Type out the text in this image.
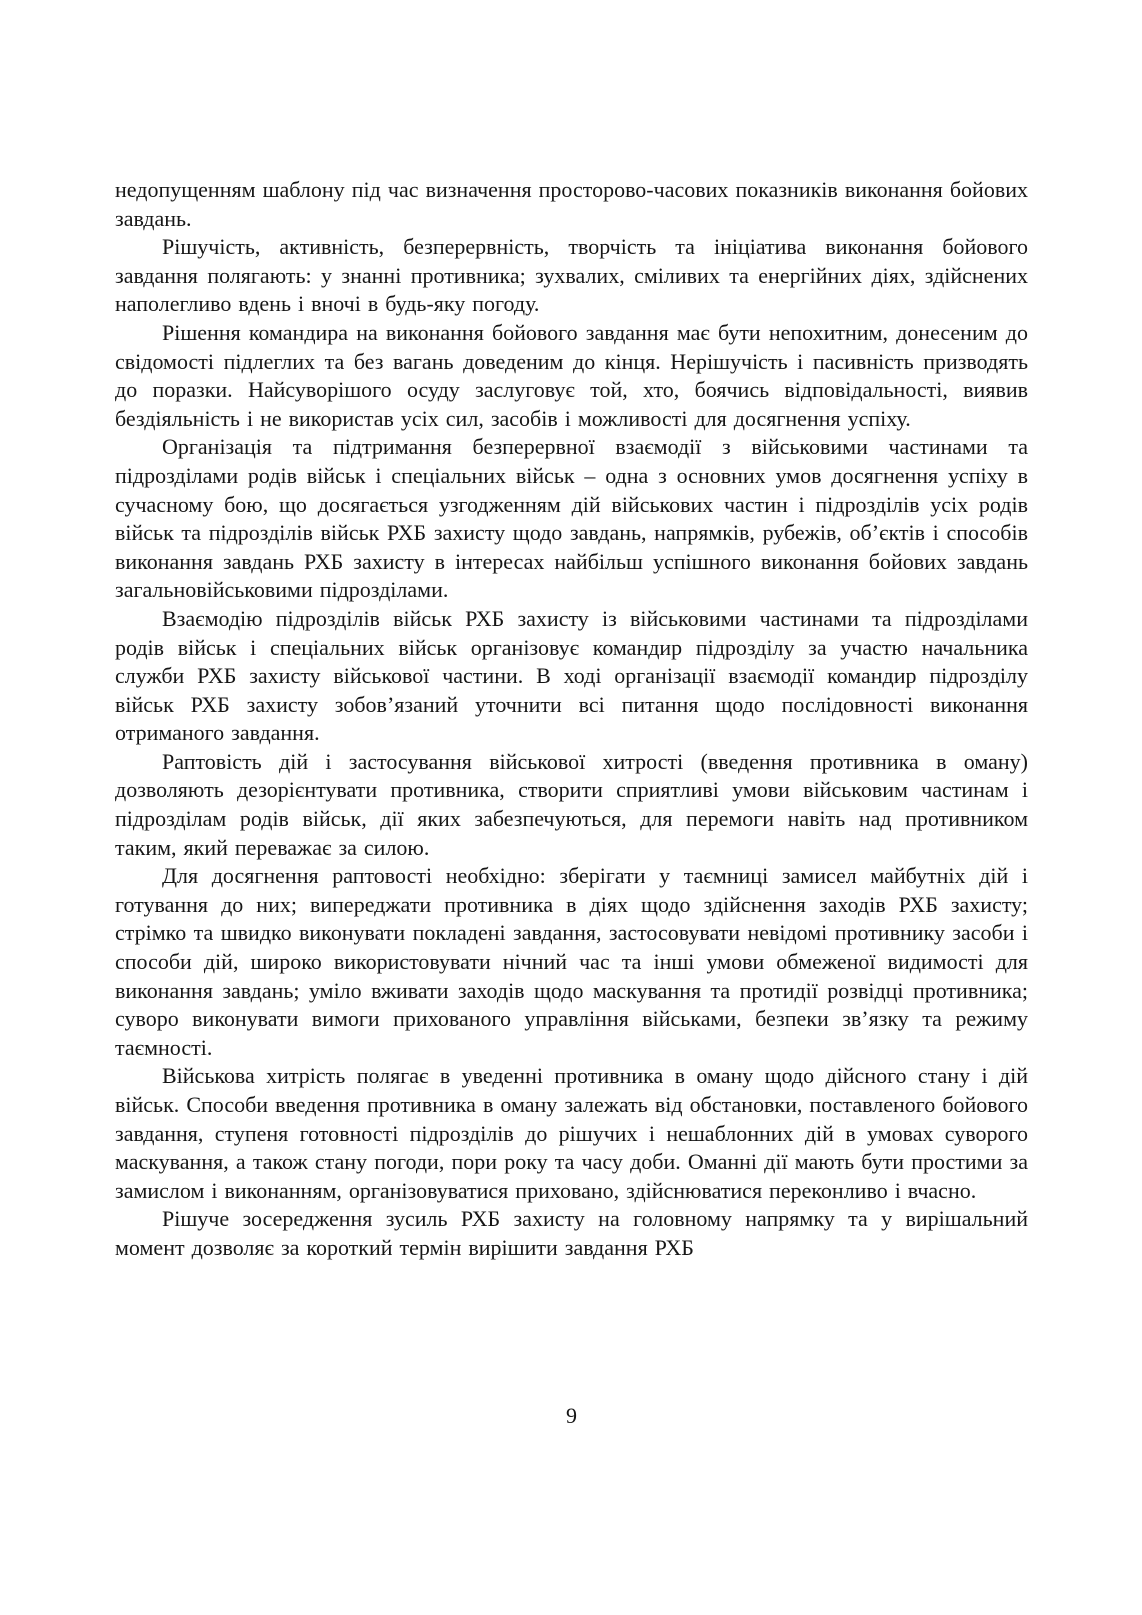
недопущенням шаблону під час визначення просторово-часових показників виконання бойових завдань.

Рішучість, активність, безперервність, творчість та ініціатива виконання бойового завдання полягають: у знанні противника; зухвалих, сміливих та енергійних діях, здійснених наполегливо вдень і вночі в будь-яку погоду.

Рішення командира на виконання бойового завдання має бути непохитним, донесеним до свідомості підлеглих та без вагань доведеним до кінця. Нерішучість і пасивність призводять до поразки. Найсуворішого осуду заслуговує той, хто, боячись відповідальності, виявив бездіяльність і не використав усіх сил, засобів і можливості для досягнення успіху.

Організація та підтримання безперервної взаємодії з військовими частинами та підрозділами родів військ і спеціальних військ – одна з основних умов досягнення успіху в сучасному бою, що досягається узгодженням дій військових частин і підрозділів усіх родів військ та підрозділів військ РХБ захисту щодо завдань, напрямків, рубежів, об’єктів і способів виконання завдань РХБ захисту в інтересах найбільш успішного виконання бойових завдань загальновійськовими підрозділами.

Взаємодію підрозділів військ РХБ захисту із військовими частинами та підрозділами родів військ і спеціальних військ організовує командир підрозділу за участю начальника служби РХБ захисту військової частини. В ході організації взаємодії командир підрозділу військ РХБ захисту зобов’язаний уточнити всі питання щодо послідовності виконання отриманого завдання.

Раптовість дій і застосування військової хитрості (введення противника в оману) дозволяють дезорієнтувати противника, створити сприятливі умови військовим частинам і підрозділам родів військ, дії яких забезпечуються, для перемоги навіть над противником таким, який переважає за силою.

Для досягнення раптовості необхідно: зберігати у таємниці замисел майбутніх дій і готування до них; випереджати противника в діях щодо здійснення заходів РХБ захисту; стрімко та швидко виконувати покладені завдання, застосовувати невідомі противнику засоби і способи дій, широко використовувати нічний час та інші умови обмеженої видимості для виконання завдань; уміло вживати заходів щодо маскування та протидії розвідці противника; суворо виконувати вимоги прихованого управління військами, безпеки зв’язку та режиму таємності.

Військова хитрість полягає в уведенні противника в оману щодо дійсного стану і дій військ. Способи введення противника в оману залежать від обстановки, поставленого бойового завдання, ступеня готовності підрозділів до рішучих і нешаблонних дій в умовах суворого маскування, а також стану погоди, пори року та часу доби. Оманні дії мають бути простими за замислом і виконанням, організовуватися приховано, здійснюватися переконливо і вчасно.

Рішуче зосередження зусиль РХБ захисту на головному напрямку та у вирішальний момент дозволяє за короткий термін вирішити завдання РХБ

9
